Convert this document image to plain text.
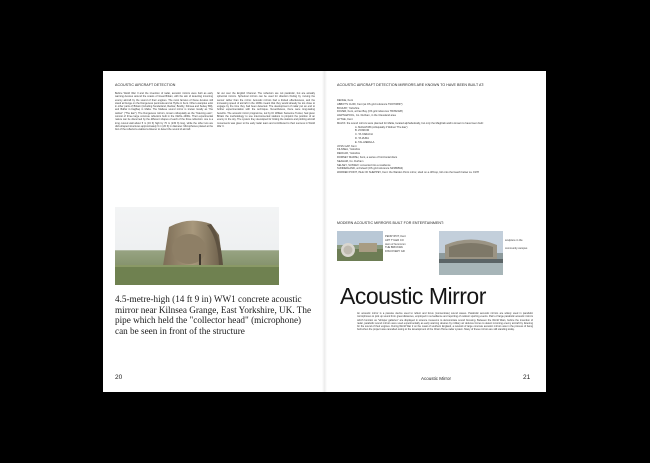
ACOUSTIC AIRCRAFT DETECTION

Before World War II and the invention of radar, acoustic mirrors were built as early warning devices around the coasts of Great Britain, with the aim of detecting incoming enemy aircraft by the sound of their engines. The most famous of these devices still stand at Denge on the Dungeness peninsula and at Hythe in Kent. Other examples exist in other parts of Britain (including Sunderland, Redcar, Boulby, Kilnsea and Selsey Bill), and Baħar iċ-Ċagħaq in Malta. The Maltese sound mirror is known locally as "the widnet" ("The Ear"). The Dungeness mirrors, known colloquially as the "listening ears", consist of three large concrete reflectors built in the 1920s–1930s. Their experimental nature can be discerned by the different shapes of each of the three reflectors: one is a long curved wall about 5 m (16 ft) high by 70 m (230 ft) long, while the other two are dish-shaped structures approximately 6 m (20 ft) in diameter. Microphones placed at the foci of the reflectors enabled a listener to detect the sound of aircraft

far out over the English Channel. The reflectors are not parabolic, but are actually spherical mirrors. Spherical mirrors can be used for direction finding by moving the sensor rather than the mirror. Acoustic mirrors had a limited effectiveness, and the increasing speed of aircraft in the 1930s meant that they would already be too close to engage by the time they had been detected. The development of radar put an end to further experimentation with the technique. Nevertheless, there were long-lasting benefits. The acoustic mirror programme, led by Dr William Sansome Tucker, had given Britain the methodology to use interconnected stations to pinpoint the position of an enemy in the sky. The system they developed for linking the stations and plotting aircraft movements was given to the early radar team and contributed to their success in World War II.

4.5-metre-high (14 ft 9 in) WW1 concrete acoustic mirror near Kilnsea Grange, East Yorkshire, UK. The pipe which held the "collector head" (microphone) can be seen in front of the structure
20
ACOUSTIC AIRCRAFT DETECTION MIRRORS ARE KNOWN TO HAVE BEEN BUILT AT:
DENGE, Kent
ABBOT'S CLIFF, Kent (at OS grid reference TR270383?)
BOULBY, Yorkshire
DOVER, Kent, at Fan Bay (OS grid reference TR352428)
HARTLEPOOL, Co. Durham, in the Cleveland area
HYTHE, Kent
MALTA: the sound mirrors were planned for Malta, located alphabetically, but only the Maghtab wall is known to have been built:
A. MAGHTAB (colloquially il Widnet 'The Ear')
B. ZONKOR
C. TA XARACH
D. TA ZURA
E. TAL-MERHLA
JOSS GAP, Kent
KILNSEA, Yorkshire
REDCAR, Yorkshire
ROMNEY MARSH, Kent, a series of horizontal discs
SEAHAM, Co. Durham
SELSEY, SUSSEX: converted into a residence
SUNDERLAND, at Fulwell (OS grid reference NZ389594)
WARDEN POINT, ISLE OF SHEPPEY, Kent: the Warden Point mirror, sited on a cliff-top, fell onto the beach below ca. 1978
MODERN ACOUSTIC MIRRORS BUILT FOR ENTERTAINMENT:
PENNYPOT, Kent
ART TYLER CO
town of hummmm
THE BRICKWA
DISCOVERY GR
sculpture in the
community campus
Acoustic Mirror

An acoustic mirror is a passive device used to reflect and focus (concentrate) sound waves. Parabolic acoustic mirrors are widely used in parabolic microphones to pick up sound from great distances, employed in surveillance and reporting of outdoor sporting events. Pairs of large parabolic acoustic mirrors which function as "whisper galleries" are displayed in science museums to demonstrate sound focusing. Between the World Wars, before the invention of radar, parabolic sound mirrors were used experimentally as early warning devices by military air defence forces to detect incoming enemy aircraft by listening for the sound of their engines. During World War 2 on the coast of southern England, a network of large concrete acoustic mirrors was in the process of being built when the project was cancelled owing to the development of the Chain Home radar system. Many of these mirrors are still standing today.

Acoustic Mirror	21
